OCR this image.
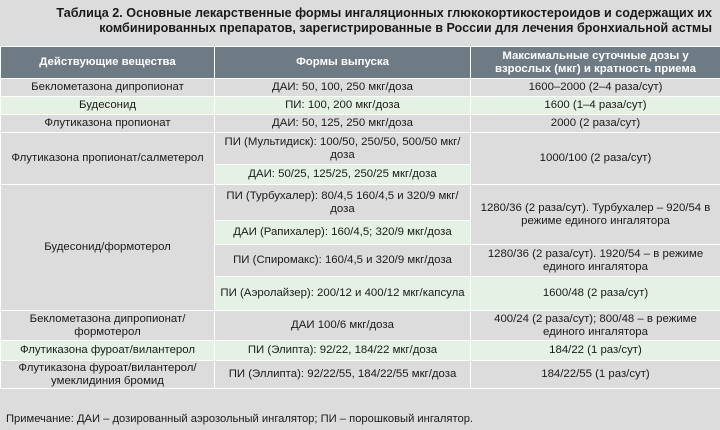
Таблица 2. Основные лекарственные формы ингаляционных глюкокортикостероидов и содержащих их
комбинированных препаратов, зарегистрированные в России для лечения бронхиальной астмы
Действующие вещества	Формы выпуска	Максимальные суточные дозы у взрослых (мкг) и кратность приема
Беклометазона дипропионат	ДАИ: 50, 100, 250 мкг/доза	1600–2000 (2–4 раза/сут)
Будесонид	ПИ: 100, 200 мкг/доза	1600 (1–4 раза/сут)
Флутиказона пропионат	ДАИ: 50, 125, 250 мкг/доза	2000 (2 раза/сут)
Флутиказона пропионат/салметерол	ПИ (Мультидиск): 100/50, 250/50, 500/50 мкг/доза	1000/100 (2 раза/сут)
	ДАИ: 50/25, 125/25, 250/25 мкг/доза	
Будесонид/формотерол	ПИ (Турбухалер): 80/4,5 160/4,5 и 320/9 мкг/доза	1280/36 (2 раза/сут). Турбухалер – 920/54 в режиме единого ингалятора
	ДАИ (Рапихалер): 160/4,5; 320/9 мкг/доза	
	ПИ (Спиромакс): 160/4,5 и 320/9 мкг/доза	1280/36 (2 раза/сут). 1920/54 – в режиме единого ингалятора
	ПИ (Аэролайзер): 200/12 и 400/12 мкг/капсула	1600/48 (2 раза/сут)
Беклометазона дипропионат/ формотерол	ДАИ 100/6 мкг/доза	400/24 (2 раза/сут); 800/48 – в режиме единого ингалятора
Флутиказона фуроат/вилантерол	ПИ (Элипта): 92/22, 184/22 мкг/доза	184/22 (1 раз/сут)
Флутиказона фуроат/вилантерол/ умеклидиния бромид	ПИ (Эллипта): 92/22/55, 184/22/55 мкг/доза	184/22/55 (1 раз/сут)
Примечание: ДАИ – дозированный аэрозольный ингалятор; ПИ – порошковый ингалятор.
